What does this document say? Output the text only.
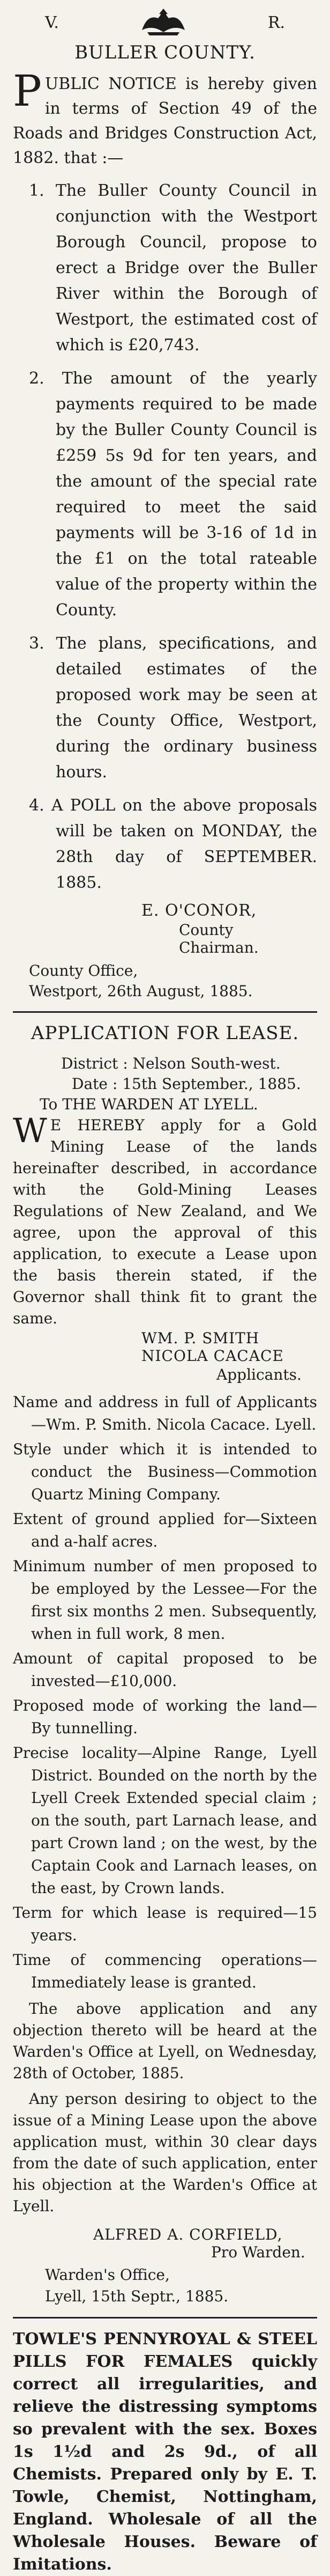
V.	R.
BULLER COUNTY.
P UBLIC NOTICE is hereby given in terms of Section 49 of the Roads and Bridges Construction Act, 1882. that :—
1. The Buller County Council in conjunction with the Westport Borough Council, propose to erect a Bridge over the Buller River within the Borough of Westport, the estimated cost of which is £20,743.
2. The amount of the yearly payments required to be made by the Buller County Council is £259 5s 9d for ten years, and the amount of the special rate required to meet the said payments will be 3-16 of 1d in the £1 on the total rateable value of the property within the County.
3. The plans, specifications, and detailed estimates of the proposed work may be seen at the County Office, Westport, during the ordinary business hours.
4. A POLL on the above proposals will be taken on MONDAY, the 28th day of SEPTEMBER. 1885.
E. O'CONOR,
County Chairman.
County Office,
Westport, 26th August, 1885.
APPLICATION FOR LEASE.
District : Nelson South-west.
Date : 15th September., 1885.
To THE WARDEN AT LYELL.
W E HEREBY apply for a Gold Mining Lease of the lands hereinafter described, in accordance with the Gold-Mining Leases Regulations of New Zealand, and We agree, upon the approval of this application, to execute a Lease upon the basis therein stated, if the Governor shall think fit to grant the same.
WM. P. SMITH
NICOLA CACACE
Applicants.
Name and address in full of Applicants—Wm. P. Smith. Nicola Cacace. Lyell.
Style under which it is intended to conduct the Business—Commotion Quartz Mining Company.
Extent of ground applied for—Sixteen and a-half acres.
Minimum number of men proposed to be employed by the Lessee—For the first six months 2 men. Subsequently, when in full work, 8 men.
Amount of capital proposed to be invested—£10,000.
Proposed mode of working the land—By tunnelling.
Precise locality—Alpine Range, Lyell District. Bounded on the north by the Lyell Creek Extended special claim ; on the south, part Larnach lease, and part Crown land ; on the west, by the Captain Cook and Larnach leases, on the east, by Crown lands.
Term for which lease is required—15 years.
Time of commencing operations—Immediately lease is granted.
The above application and any objection thereto will be heard at the Warden's Office at Lyell, on Wednesday, 28th of October, 1885.
Any person desiring to object to the issue of a Mining Lease upon the above application must, within 30 clear days from the date of such application, enter his objection at the Warden's Office at Lyell.
ALFRED A. CORFIELD,
Pro Warden.
Warden's Office,
Lyell, 15th Septr., 1885.
TOWLE'S PENNYROYAL & STEEL PILLS FOR FEMALES quickly correct all irregularities, and relieve the distressing symptoms so prevalent with the sex. Boxes 1s 1½d and 2s 9d., of all Chemists. Prepared only by E. T. Towle, Chemist, Nottingham, England. Wholesale of all the Wholesale Houses. Beware of Imitations.
